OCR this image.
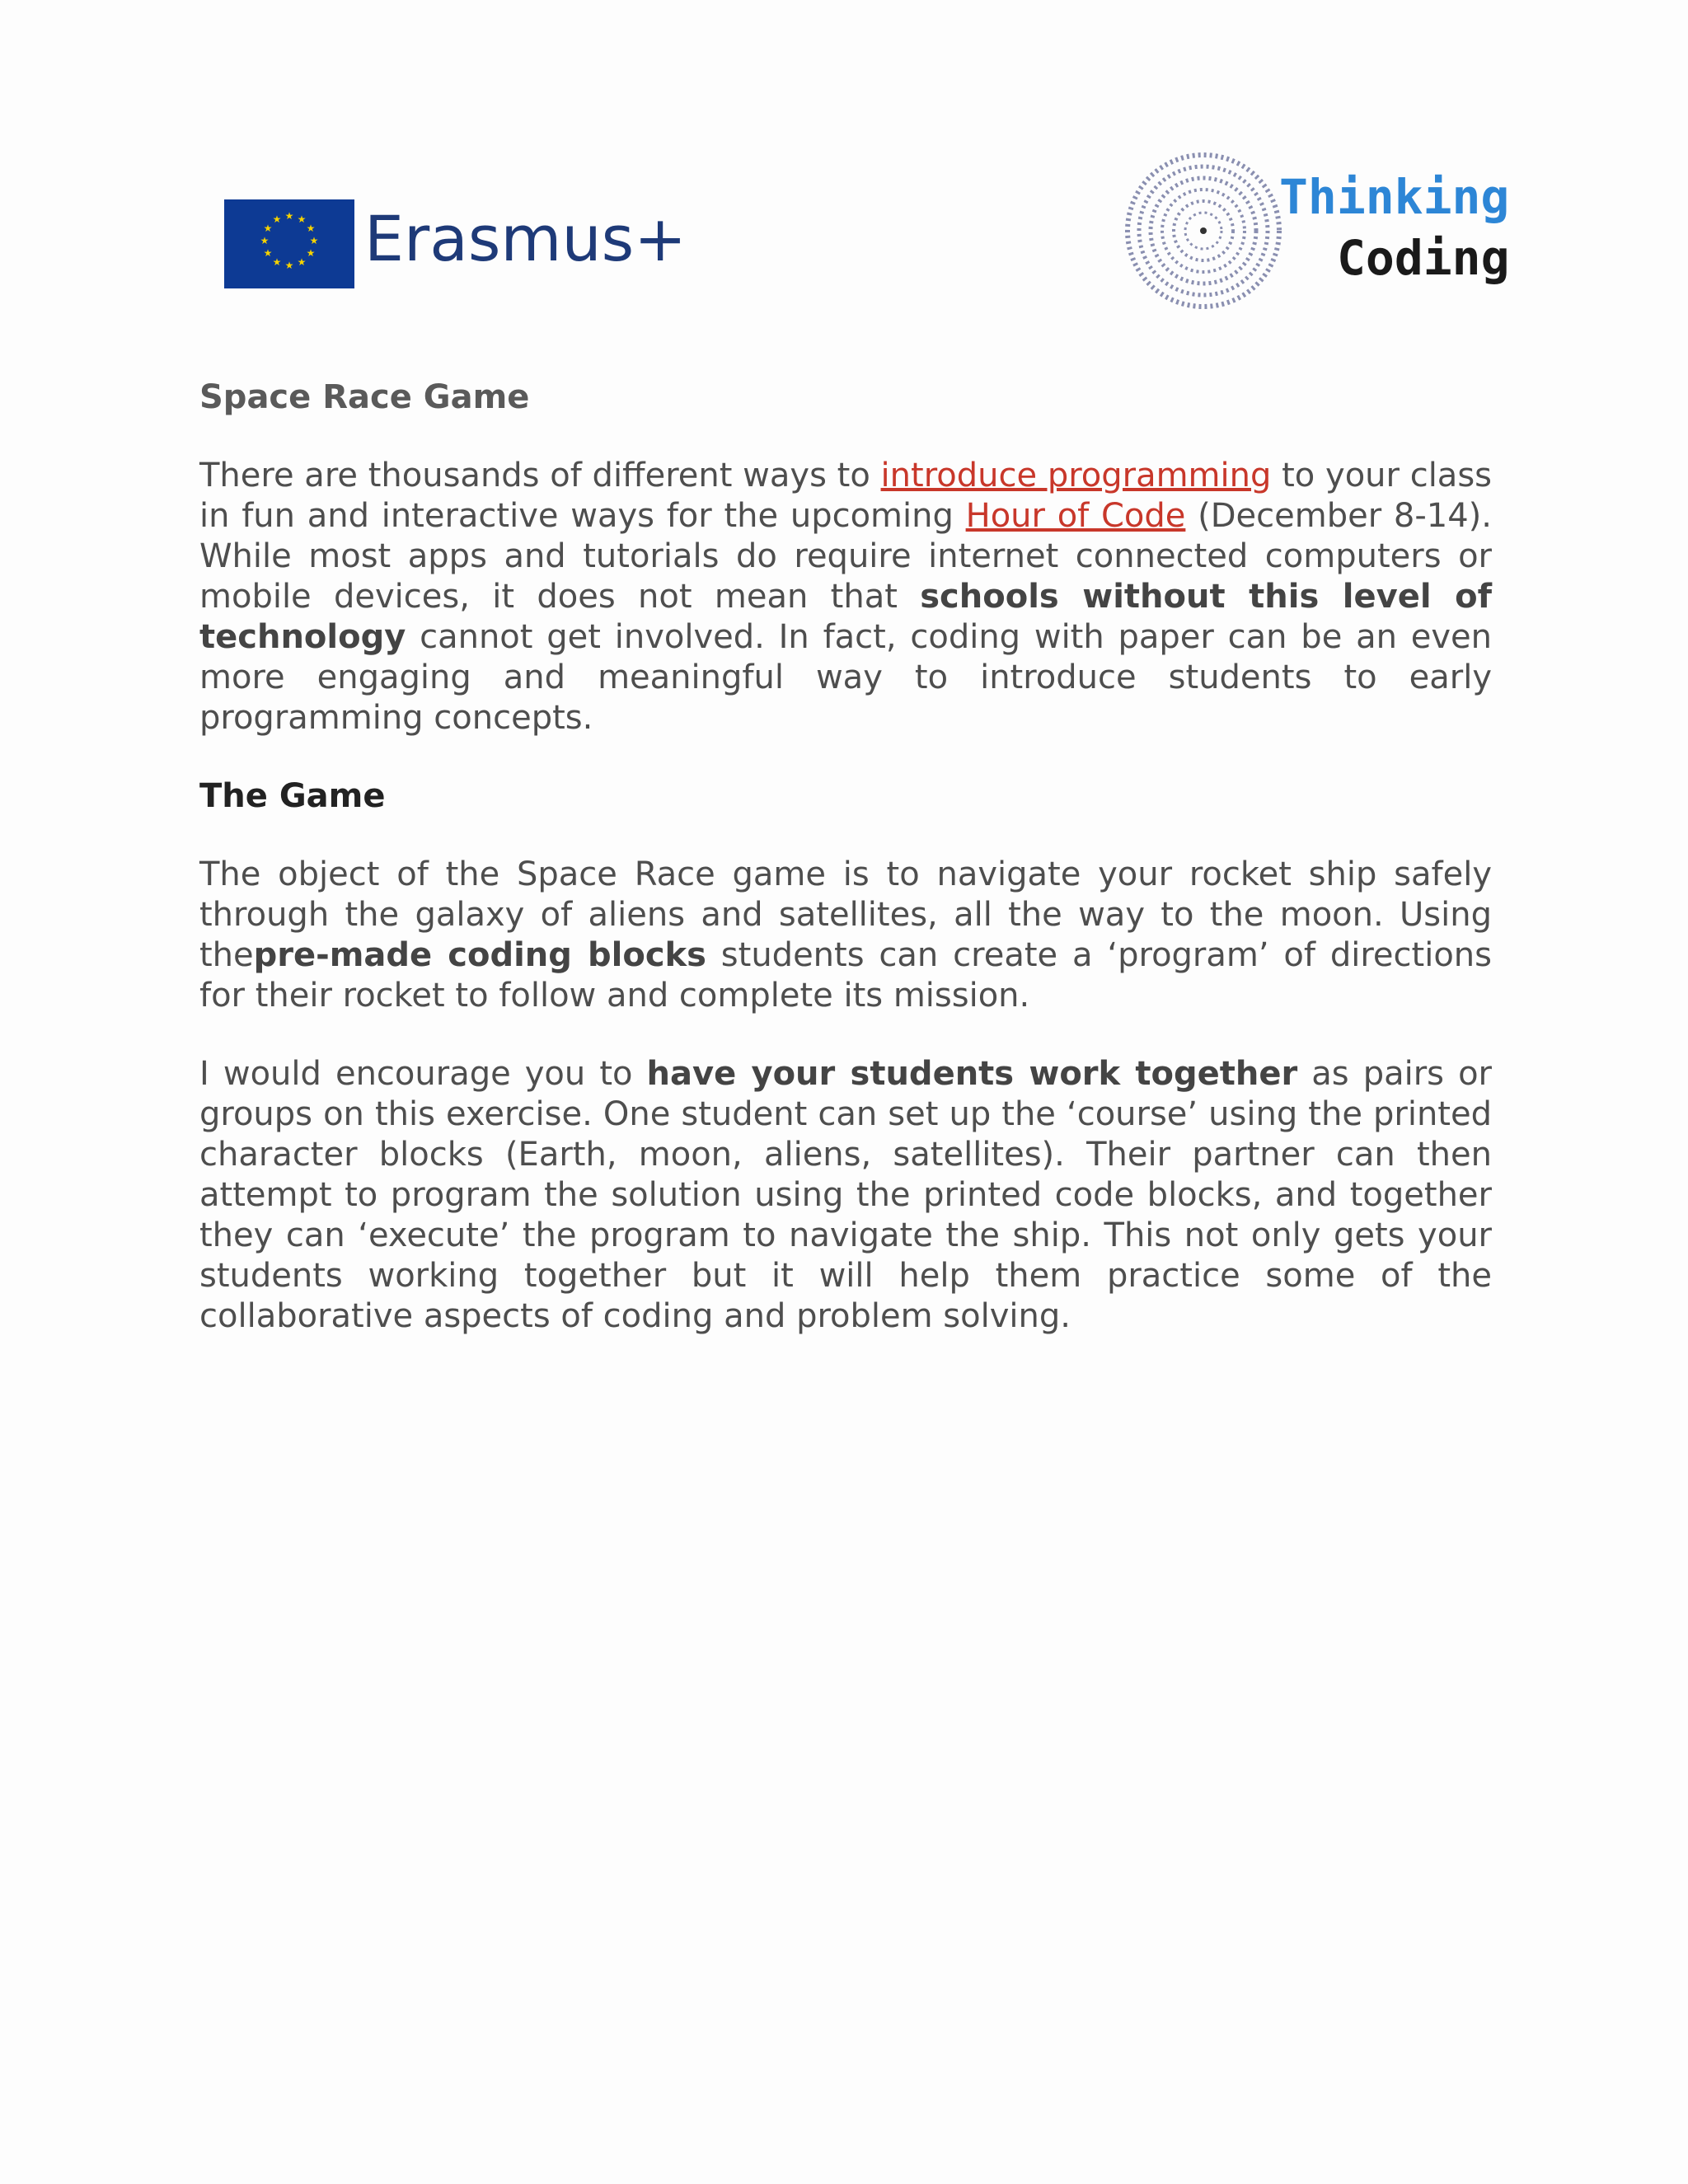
★ ★
★
★
★
★
★
★
★
★
★
★ Erasmus+
Thinking
Coding
Space Race Game

There are thousands of different ways to introduce programming to your class in fun and interactive ways for the upcoming Hour of Code (December 8-14). While most apps and tutorials do require internet connected computers or mobile devices, it does not mean that schools without this level of technology cannot get involved. In fact, coding with paper can be an even more engaging and meaningful way to introduce students to early programming concepts.

The Game

The object of the Space Race game is to navigate your rocket ship safely through the galaxy of aliens and satellites, all the way to the moon. Using thepre-made coding blocks students can create a ‘program’ of directions for their rocket to follow and complete its mission.

I would encourage you to have your students work together as pairs or groups on this exercise. One student can set up the ‘course’ using the printed character blocks (Earth, moon, aliens, satellites). Their partner can then attempt to program the solution using the printed code blocks, and together they can ‘execute’ the program to navigate the ship. This not only gets your students working together but it will help them practice some of the collaborative aspects of coding and problem solving.
